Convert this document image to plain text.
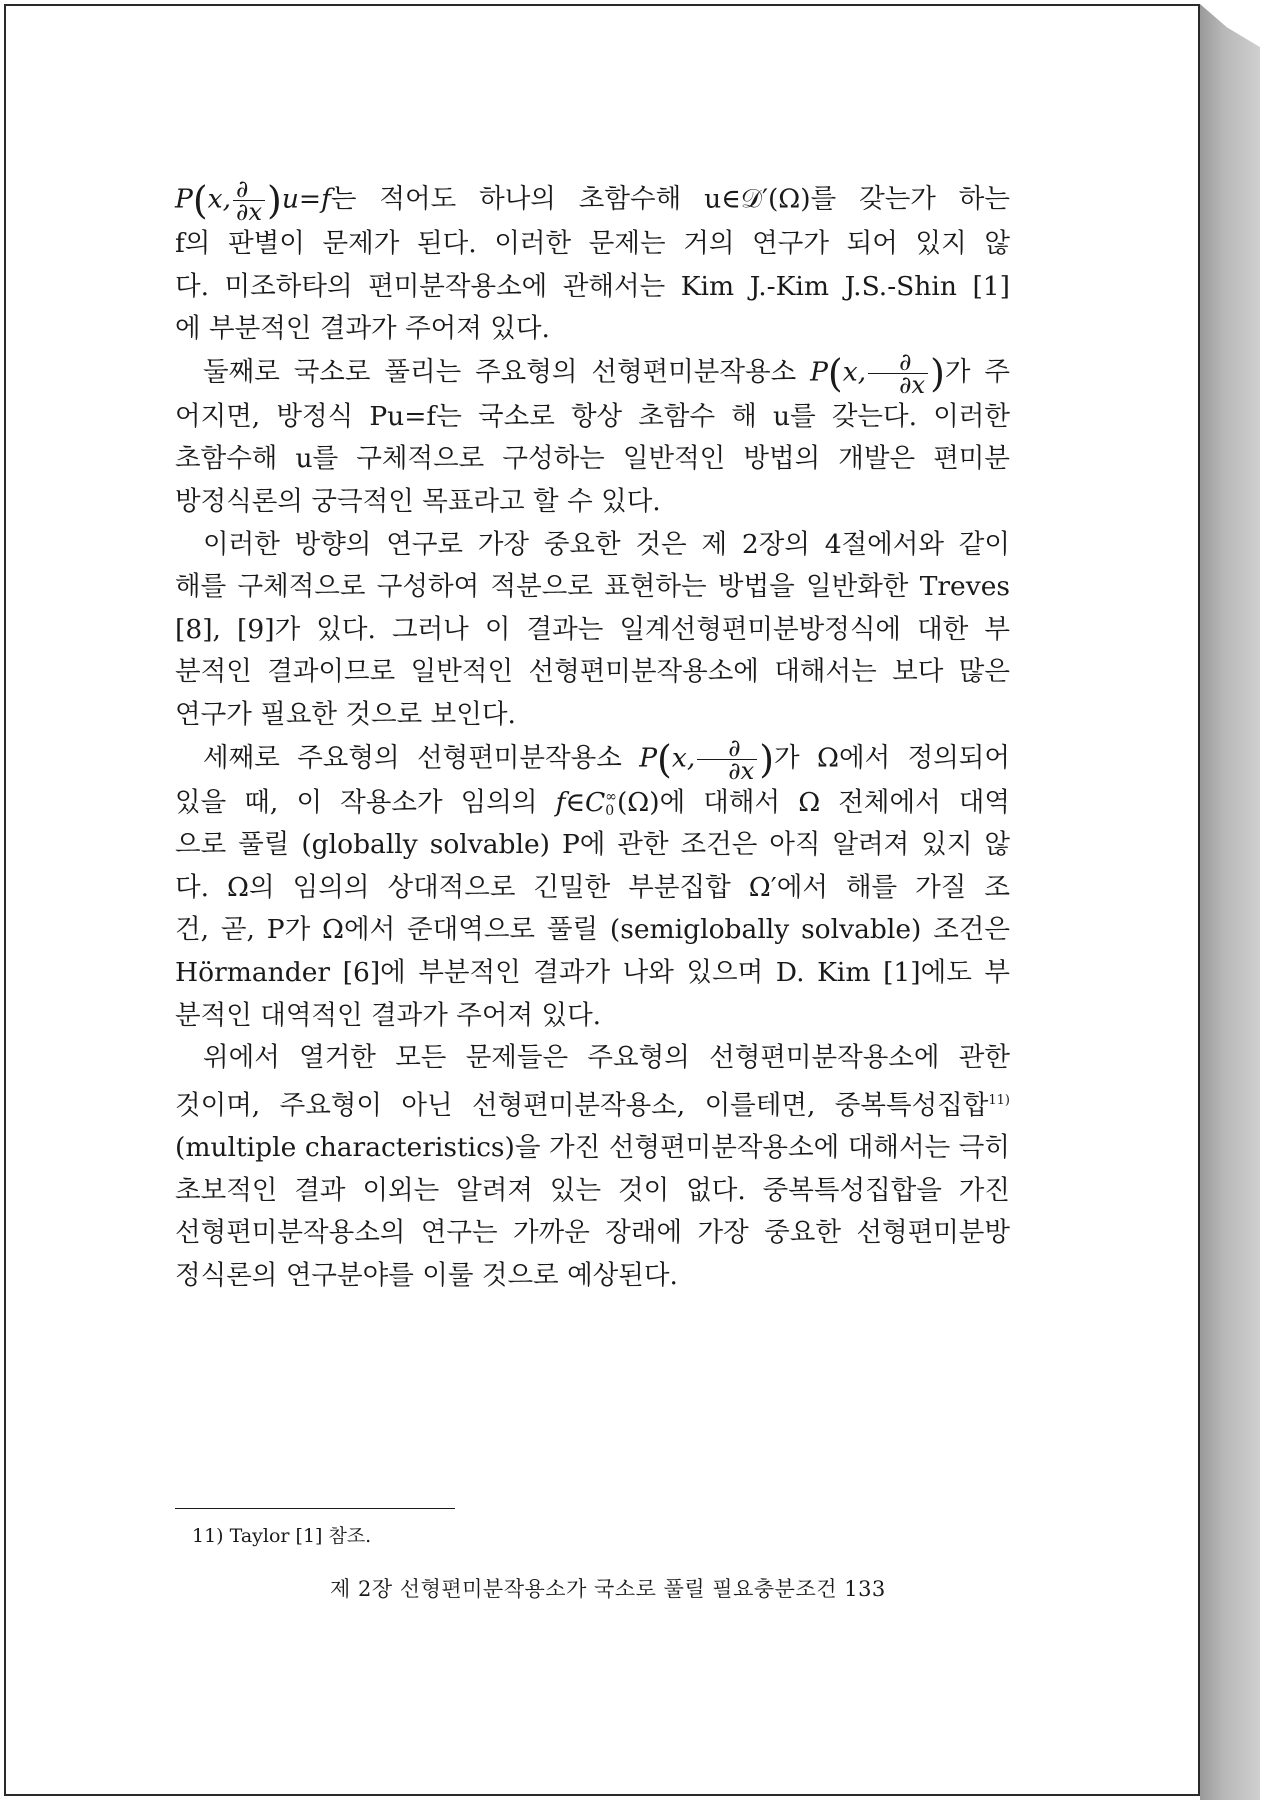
P(x, $\frac{\partial}{\partial x} )u=f$는 적어도 하나의 초함수해 u∈𝒟′(Ω)를 갖는가 하는
f의 판별이 문제가 된다. 이러한 문제는 거의 연구가 되어 있지 않
다. 미조하타의 편미분작용소에 관해서는 Kim J.-Kim J.S.-Shin [1]
에 부분적인 결과가 주어져 있다.
둘째로 국소로 풀리는 주요형의 선형편미분작용소 P(x, $\frac{\partial}{\partial x}$ )가 주
어지면, 방정식 Pu=f는 국소로 항상 초함수 해 u를 갖는다. 이러한
초함수해 u를 구체적으로 구성하는 일반적인 방법의 개발은 편미분
방정식론의 궁극적인 목표라고 할 수 있다.
이러한 방향의 연구로 가장 중요한 것은 제 2장의 4절에서와 같이
해를 구체적으로 구성하여 적분으로 표현하는 방법을 일반화한 Treves
[8], [9]가 있다. 그러나 이 결과는 일계선형편미분방정식에 대한 부
분적인 결과이므로 일반적인 선형편미분작용소에 대해서는 보다 많은
연구가 필요한 것으로 보인다.
세째로 주요형의 선형편미분작용소 P(x, $\frac{\partial}{\partial x}$ )가 Ω에서 정의되어
있을 때, 이 작용소가 임의의 f∈C ∞
0 (Ω)에 대해서 Ω 전체에서 대역
으로 풀릴 (globally solvable) P에 관한 조건은 아직 알려져 있지 않
다. Ω의 임의의 상대적으로 긴밀한 부분집합 Ω′에서 해를 가질 조
건, 곧, P가 Ω에서 준대역으로 풀릴 (semiglobally solvable) 조건은
Hörmander [6]에 부분적인 결과가 나와 있으며 D. Kim [1]에도 부
분적인 대역적인 결과가 주어져 있다.
위에서 열거한 모든 문제들은 주요형의 선형편미분작용소에 관한
것이며, 주요형이 아닌 선형편미분작용소, 이를테면, 중복특성집합$^{11)}$
(multiple characteristics)을 가진 선형편미분작용소에 대해서는 극히
초보적인 결과 이외는 알려져 있는 것이 없다. 중복특성집합을 가진
선형편미분작용소의 연구는 가까운 장래에 가장 중요한 선형편미분방
정식론의 연구분야를 이룰 것으로 예상된다.
11) Taylor [1] 참조.
제 2장 선형편미분작용소가 국소로 풀릴 필요충분조건 133
